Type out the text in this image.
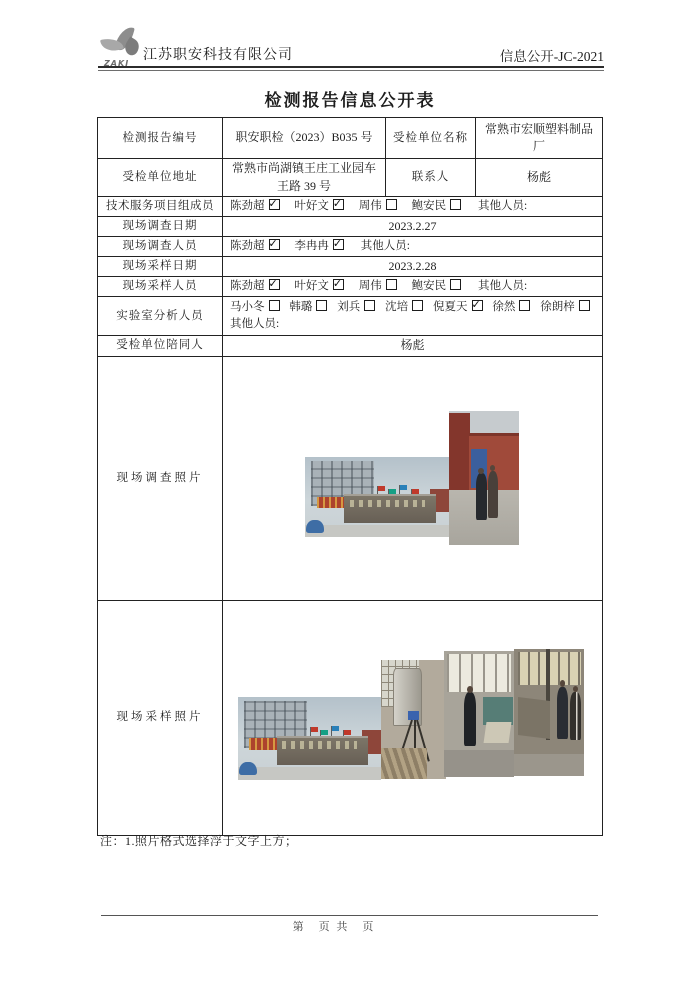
ZAKJ
江苏职安科技有限公司	信息公开-JC-2021
检测报告信息公开表
检测报告编号	职安职检（2023）B035 号	受检单位名称	常熟市宏顺塑料制品厂
受检单位地址	常熟市尚湖镇王庄工业园车王路 39 号	联系人	杨彪
技术服务项目组成员	陈劲超 ✓ 叶好文 ✓ 周伟 鲍安民 其他人员:
现场调查日期	2023.2.27		
现场调查人员	陈劲超 ✓ 李冉冉 ✓ 其他人员:
现场采样日期	2023.2.28		
现场采样人员	陈劲超 ✓ 叶好文 ✓ 周伟 鲍安民 其他人员:
实验室分析人员	马小冬 韩璐 刘兵 沈培 倪夏天 ✓ 徐然 徐朗梓
其他人员:

受检单位陪同人	杨彪		
现场调查照片			

现场采样照片			
注：1.照片格式选择浮于文字上方；
第　页 共　页
